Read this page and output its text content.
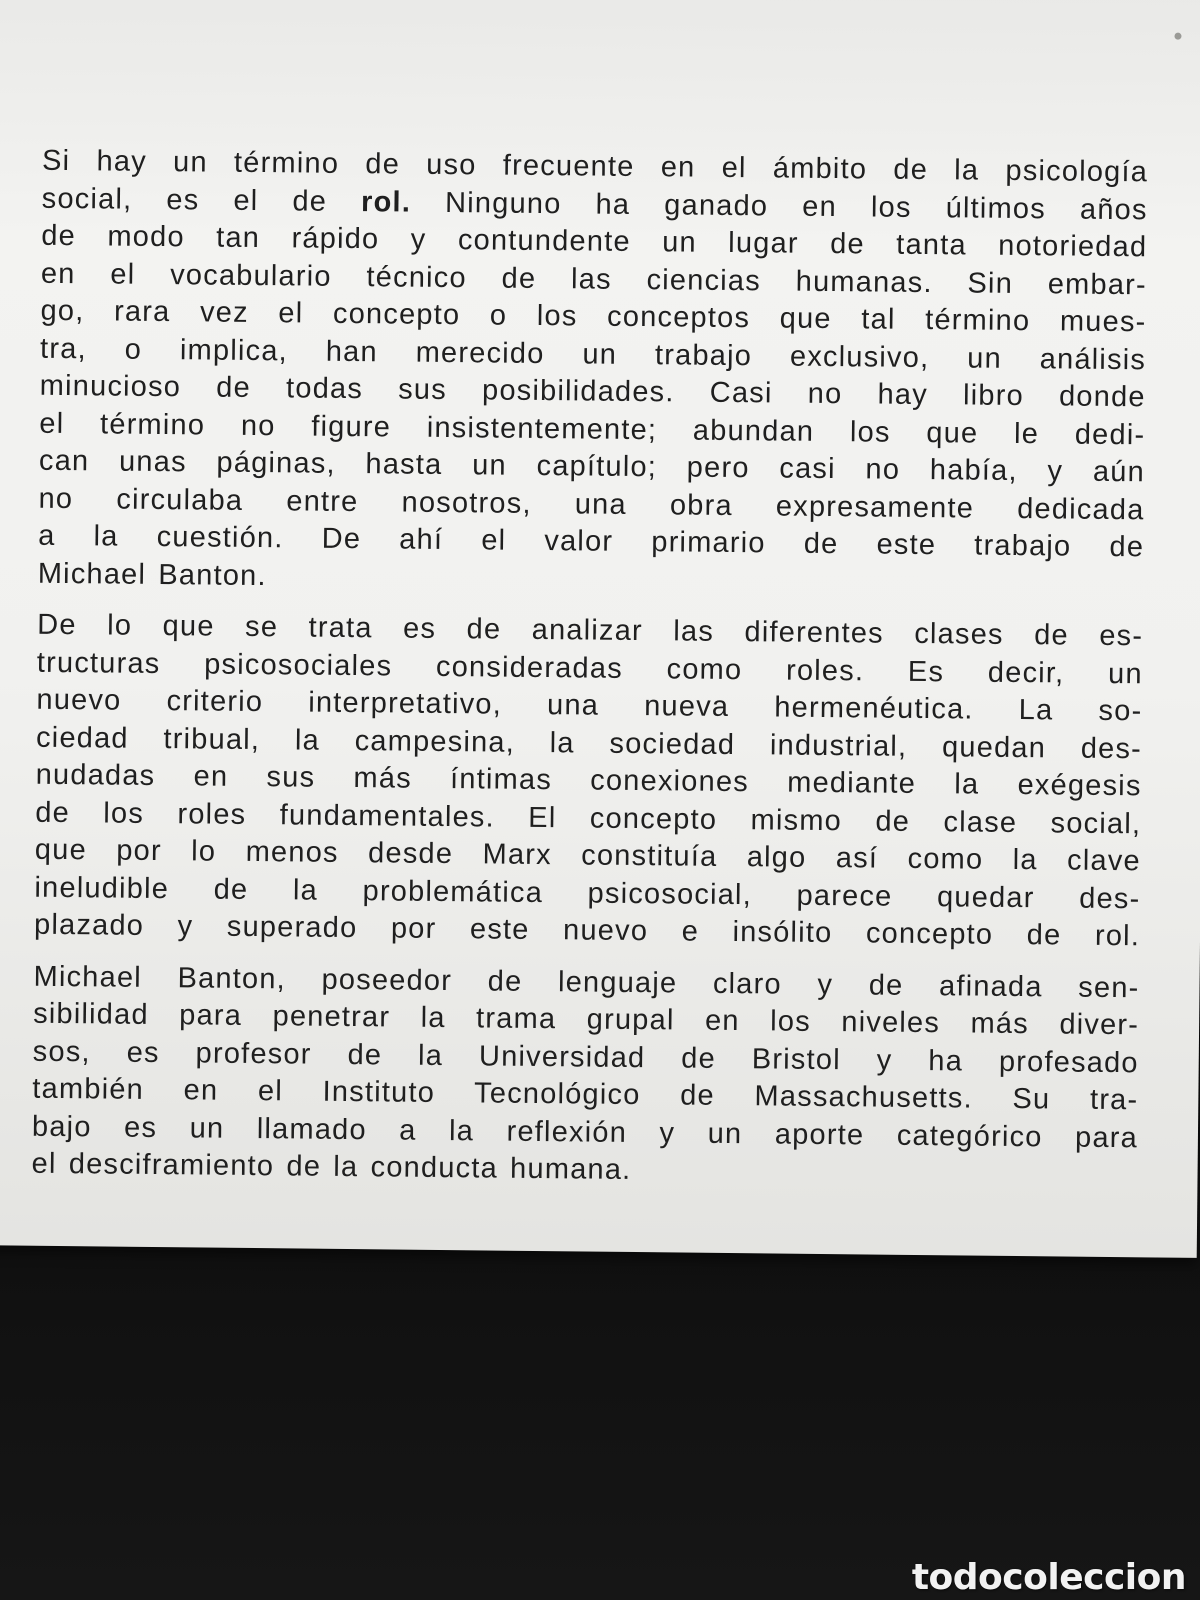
Si hay un término de uso frecuente en el ámbito de la psicología
social, es el de rol. Ninguno ha ganado en los últimos años
de modo tan rápido y contundente un lugar de tanta notoriedad
en el vocabulario técnico de las ciencias humanas. Sin embar-
go, rara vez el concepto o los conceptos que tal término mues-
tra, o implica, han merecido un trabajo exclusivo, un análisis
minucioso de todas sus posibilidades. Casi no hay libro donde
el término no figure insistentemente; abundan los que le dedi-
can unas páginas, hasta un capítulo; pero casi no había, y aún
no circulaba entre nosotros, una obra expresamente dedicada
a la cuestión. De ahí el valor primario de este trabajo de
Michael Banton.
De lo que se trata es de analizar las diferentes clases de es-
tructuras psicosociales consideradas como roles. Es decir, un
nuevo criterio interpretativo, una nueva hermenéutica. La so-
ciedad tribual, la campesina, la sociedad industrial, quedan des-
nudadas en sus más íntimas conexiones mediante la exégesis
de los roles fundamentales. El concepto mismo de clase social,
que por lo menos desde Marx constituía algo así como la clave
ineludible de la problemática psicosocial, parece quedar des-
plazado y superado por este nuevo e insólito concepto de rol.
Michael Banton, poseedor de lenguaje claro y de afinada sen-
sibilidad para penetrar la trama grupal en los niveles más diver-
sos, es profesor de la Universidad de Bristol y ha profesado
también en el Instituto Tecnológico de Massachusetts. Su tra-
bajo es un llamado a la reflexión y un aporte categórico para
el desciframiento de la conducta humana.
todocoleccion
